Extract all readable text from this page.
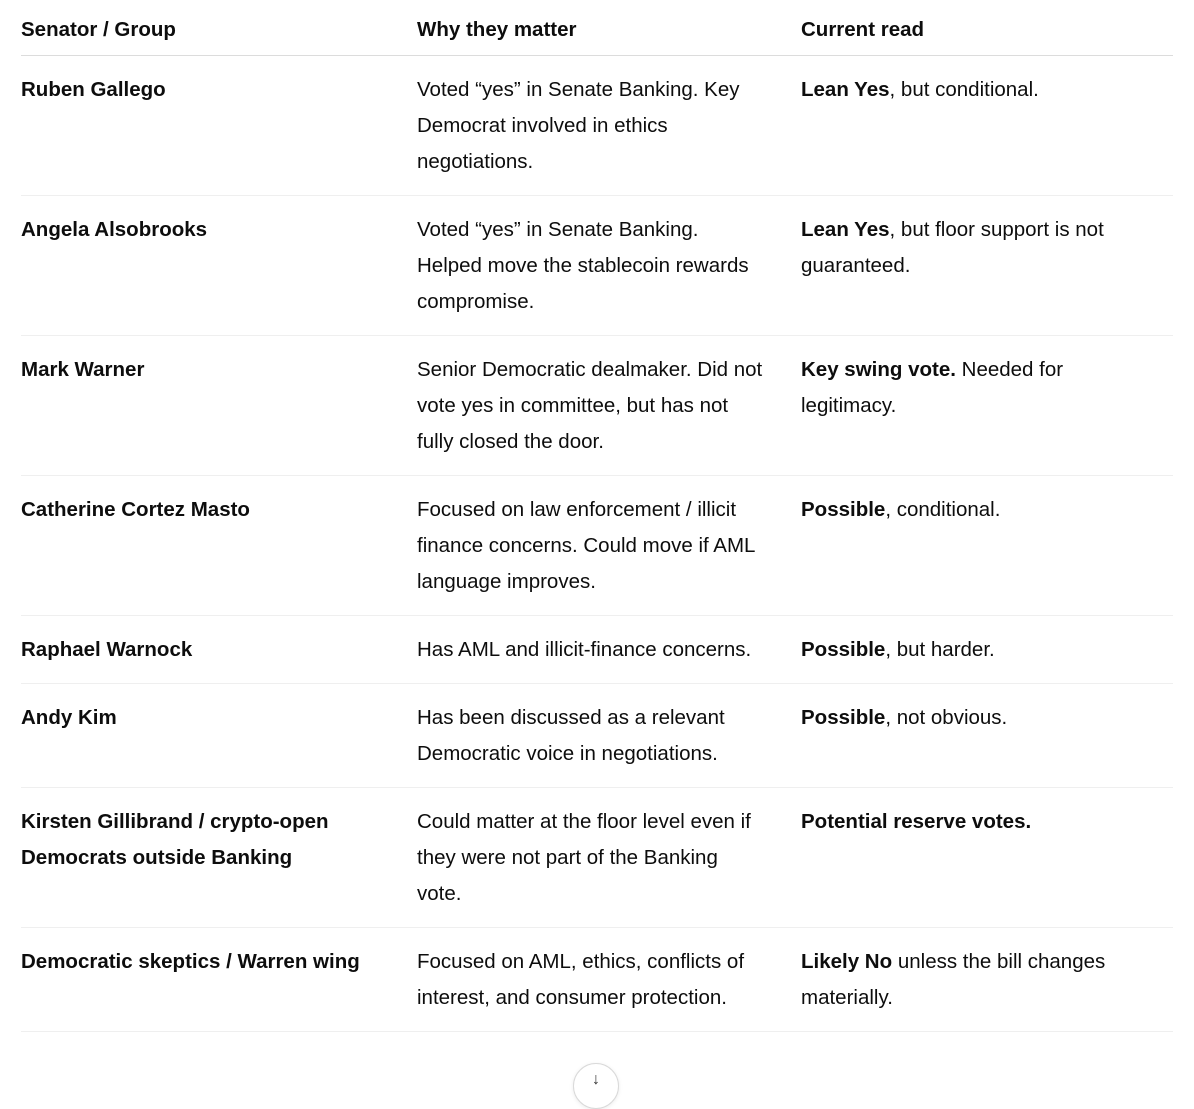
Senator / Group	Why they matter	Current read
Ruben Gallego	Voted “yes” in Senate Banking. Key Democrat involved in ethics negotiations.	Lean Yes, but conditional.
Angela Alsobrooks	Voted “yes” in Senate Banking. Helped move the stablecoin rewards compromise.	Lean Yes, but floor support is not guaranteed.
Mark Warner	Senior Democratic dealmaker. Did not vote yes in committee, but has not fully closed the door.	Key swing vote. Needed for legitimacy.
Catherine Cortez Masto	Focused on law enforcement / illicit finance concerns. Could move if AML language improves.	Possible, conditional.
Raphael Warnock	Has AML and illicit-finance concerns.	Possible, but harder.
Andy Kim	Has been discussed as a relevant Democratic voice in negotiations.	Possible, not obvious.
Kirsten Gillibrand / crypto-open Democrats outside Banking	Could matter at the floor level even if they were not part of the Banking vote.	Potential reserve votes.
Democratic skeptics / Warren wing	Focused on AML, ethics, conflicts of interest, and consumer protection.	Likely No unless the bill changes materially.
↓
